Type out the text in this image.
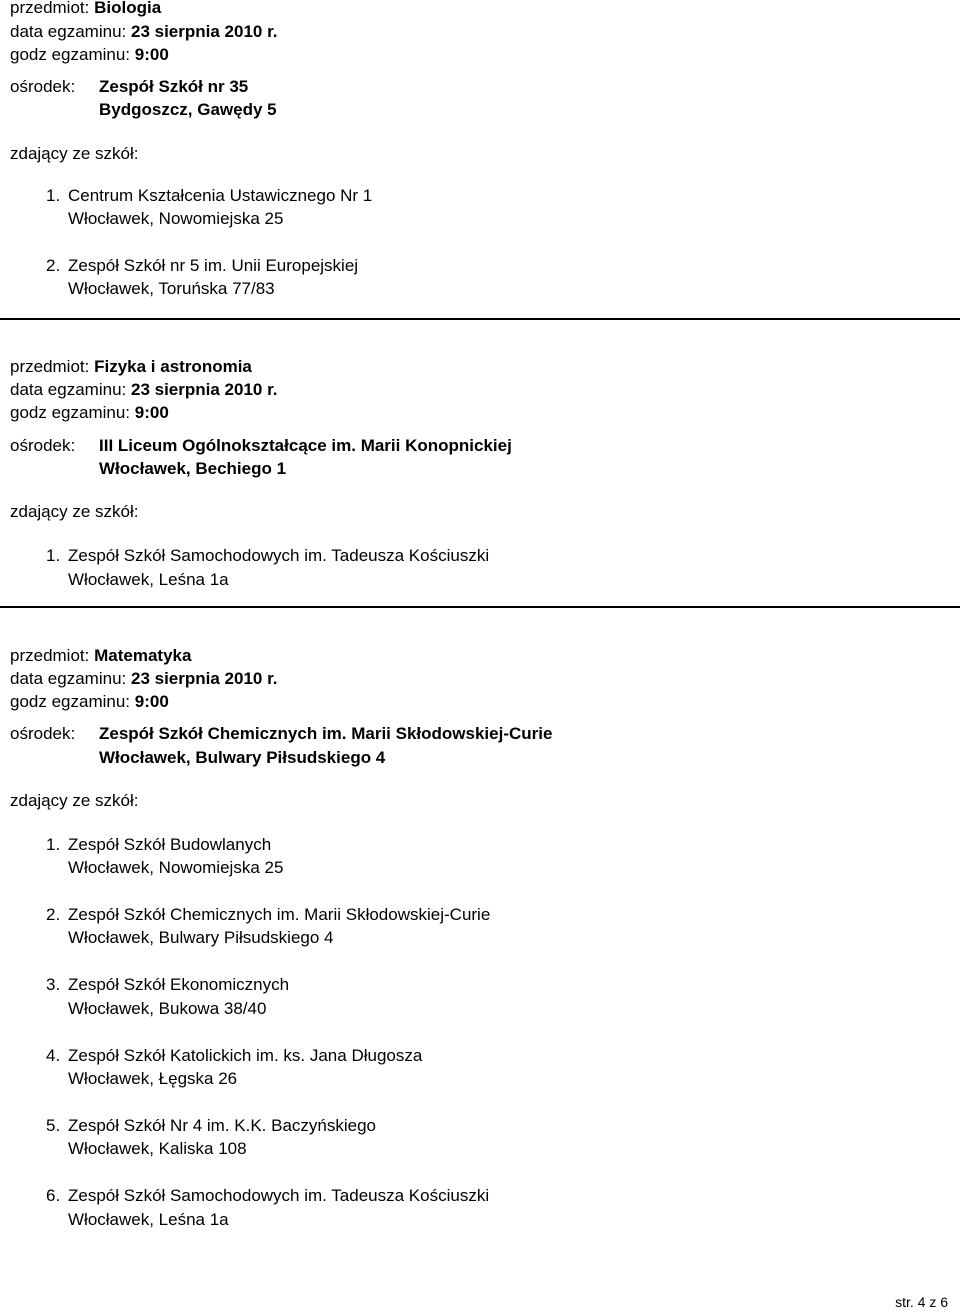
przedmiot: Biologia
data egzaminu: 23 sierpnia 2010 r.
godz egzaminu: 9:00
ośrodek: Zespół Szkół nr 35
Bydgoszcz, Gawędy 5
zdający ze szkół:
1. Centrum Kształcenia Ustawicznego Nr 1
Włocławek, Nowomiejska 25
2. Zespół Szkół nr 5 im. Unii Europejskiej
Włocławek, Toruńska 77/83
przedmiot: Fizyka i astronomia
data egzaminu: 23 sierpnia 2010 r.
godz egzaminu: 9:00
ośrodek: III Liceum Ogólnokształcące im. Marii Konopnickiej
Włocławek, Bechiego 1
zdający ze szkół:
1. Zespół Szkół Samochodowych im. Tadeusza Kościuszki
Włocławek, Leśna 1a
przedmiot: Matematyka
data egzaminu: 23 sierpnia 2010 r.
godz egzaminu: 9:00
ośrodek: Zespół Szkół Chemicznych im. Marii Skłodowskiej-Curie
Włocławek, Bulwary Piłsudskiego 4
zdający ze szkół:
1. Zespół Szkół Budowlanych
Włocławek, Nowomiejska 25
2. Zespół Szkół Chemicznych im. Marii Skłodowskiej-Curie
Włocławek, Bulwary Piłsudskiego 4
3. Zespół Szkół Ekonomicznych
Włocławek, Bukowa 38/40
4. Zespół Szkół Katolickich im. ks. Jana Długosza
Włocławek, Łęgska 26
5. Zespół Szkół Nr 4 im. K.K. Baczyńskiego
Włocławek, Kaliska 108
6. Zespół Szkół Samochodowych im. Tadeusza Kościuszki
Włocławek, Leśna 1a
str. 4 z 6
